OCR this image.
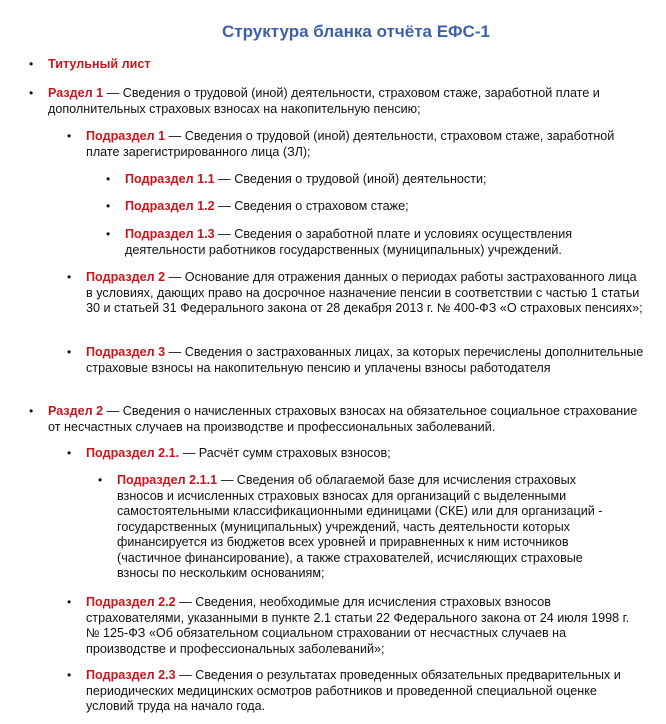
Структура бланка отчёта ЕФС-1

• Титульный лист

• Раздел 1 — Сведения о трудовой (иной) деятельности, страховом стаже, заработной плате и дополнительных страховых взносах на накопительную пенсию;

• Подраздел 1 — Сведения о трудовой (иной) деятельности, страховом стаже, заработной плате зарегистрированного лица (ЗЛ);

• Подраздел 1.1 — Сведения о трудовой (иной) деятельности;

• Подраздел 1.2 — Сведения о страховом стаже;

• Подраздел 1.3 — Сведения о заработной плате и условиях осуществления деятельности работников государственных (муниципальных) учреждений.

• Подраздел 2 — Основание для отражения данных о периодах работы застрахованного лица в условиях, дающих право на досрочное назначение пенсии в соответствии с частью 1 статьи 30 и статьей 31 Федерального закона от 28 декабря 2013 г. № 400-ФЗ «О страховых пенсиях»;

• Подраздел 3 — Сведения о застрахованных лицах, за которых перечислены дополнительные страховые взносы на накопительную пенсию и уплачены взносы работодателя

• Раздел 2 — Сведения о начисленных страховых взносах на обязательное социальное страхование от несчастных случаев на производстве и профессиональных заболеваний.

• Подраздел 2.1. — Расчёт сумм страховых взносов;

• Подраздел 2.1.1 — Сведения об облагаемой базе для исчисления страховых взносов и исчисленных страховых взносах для организаций с выделенными самостоятельными классификационными единицами (СКЕ) или для организаций - государственных (муниципальных) учреждений, часть деятельности которых финансируется из бюджетов всех уровней и приравненных к ним источников (частичное финансирование), а также страхователей, исчисляющих страховые взносы по нескольким основаниям;

• Подраздел 2.2 — Сведения, необходимые для исчисления страховых взносов страхователями, указанными в пункте 2.1 статьи 22 Федерального закона от 24 июля 1998 г. № 125-ФЗ «Об обязательном социальном страховании от несчастных случаев на производстве и профессиональных заболеваний»;

• Подраздел 2.3 — Сведения о результатах проведенных обязательных предварительных и периодических медицинских осмотров работников и проведенной специальной оценке условий труда на начало года.
